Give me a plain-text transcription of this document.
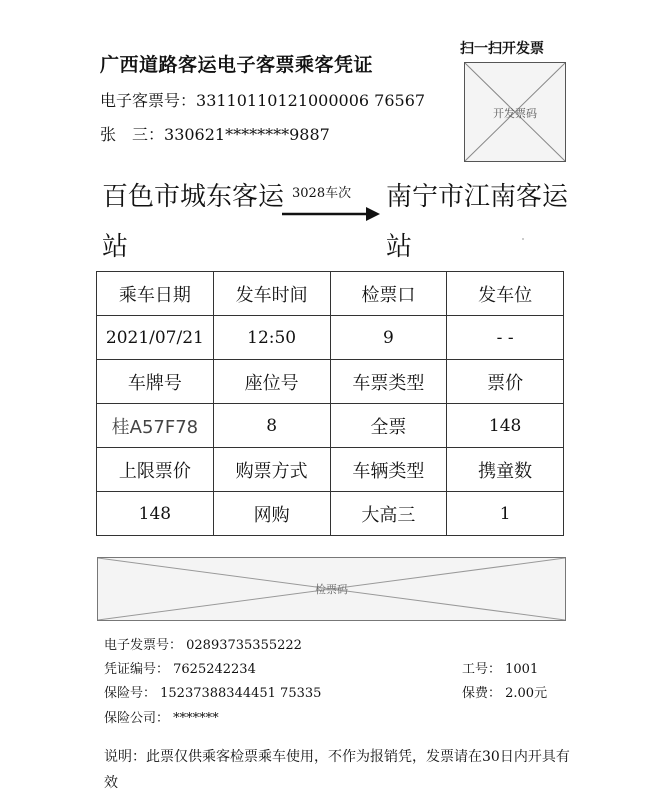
广西道路客运电子客票乘客凭证
电子客票号：33110110121000006 76567
张　三：330621********9887
扫一扫开发票
开发票码
百色市城东客运站
3028车次 南宁市江南客运站
乘车日期	发车时间	检票口	发车位
2021/07/21	12:50	9	- -
车牌号	座位号	车票类型	票价
桂A57F78	8	全票	148
上限票价	购票方式	车辆类型	携童数
148	网购	大高三	1
检票码
电子发票号： 02893735355222
凭证编号： 7625242234
保险号： 15237388344451 75335
保险公司： *******
工号： 1001
保费： 2.00元
说明：此票仅供乘客检票乘车使用，不作为报销凭，发票请在30日内开具有效
